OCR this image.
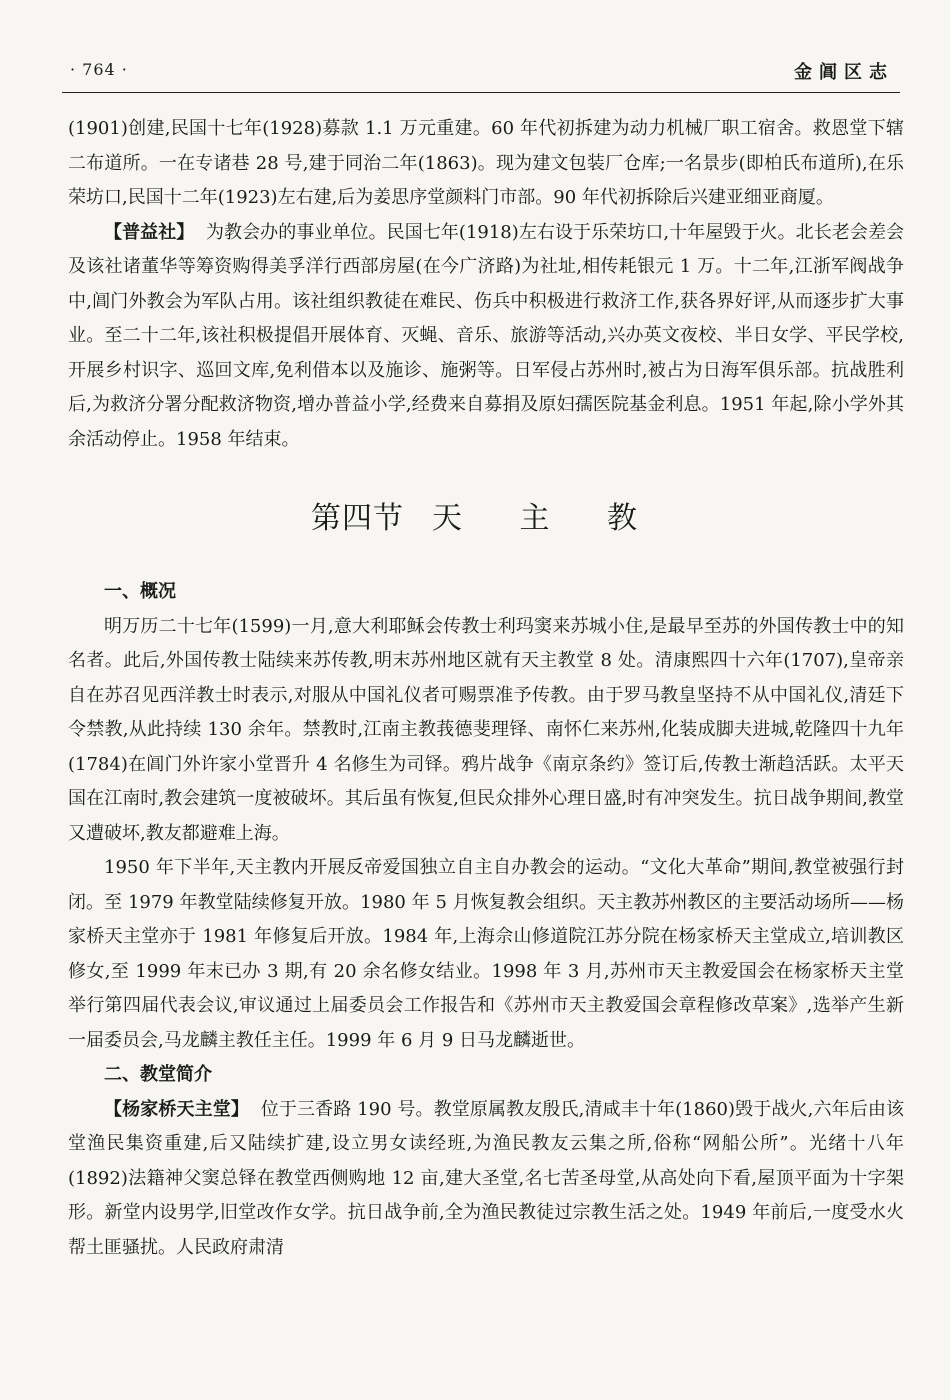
· 764 ·	金阊区志

(1901)创建,民国十七年(1928)募款 1.1 万元重建。60 年代初拆建为动力机械厂职工宿舍。救恩堂下辖二布道所。一在专诸巷 28 号,建于同治二年(1863)。现为建文包装厂仓库;一名景步(即柏氏布道所),在乐荣坊口,民国十二年(1923)左右建,后为姜思序堂颜料门市部。90 年代初拆除后兴建亚细亚商厦。

【普益社】 为教会办的事业单位。民国七年(1918)左右设于乐荣坊口,十年屋毁于火。北长老会差会及该社诸董华等筹资购得美孚洋行西部房屋(在今广济路)为社址,相传耗银元 1 万。十二年,江浙军阀战争中,阊门外教会为军队占用。该社组织教徒在难民、伤兵中积极进行救济工作,获各界好评,从而逐步扩大事业。至二十二年,该社积极提倡开展体育、灭蝇、音乐、旅游等活动,兴办英文夜校、半日女学、平民学校,开展乡村识字、巡回文库,免利借本以及施诊、施粥等。日军侵占苏州时,被占为日海军俱乐部。抗战胜利后,为救济分署分配救济物资,增办普益小学,经费来自募捐及原妇孺医院基金利息。1951 年起,除小学外其余活动停止。1958 年结束。

第四节 天 主 教
一、概况

明万历二十七年(1599)一月,意大利耶稣会传教士利玛窦来苏城小住,是最早至苏的外国传教士中的知名者。此后,外国传教士陆续来苏传教,明末苏州地区就有天主教堂 8 处。清康熙四十六年(1707),皇帝亲自在苏召见西洋教士时表示,对服从中国礼仪者可赐票准予传教。由于罗马教皇坚持不从中国礼仪,清廷下令禁教,从此持续 130 余年。禁教时,江南主教莪德斐理铎、南怀仁来苏州,化装成脚夫进城,乾隆四十九年(1784)在阊门外许家小堂晋升 4 名修生为司铎。鸦片战争《南京条约》签订后,传教士渐趋活跃。太平天国在江南时,教会建筑一度被破坏。其后虽有恢复,但民众排外心理日盛,时有冲突发生。抗日战争期间,教堂又遭破坏,教友都避难上海。

1950 年下半年,天主教内开展反帝爱国独立自主自办教会的运动。“文化大革命”期间,教堂被强行封闭。至 1979 年教堂陆续修复开放。1980 年 5 月恢复教会组织。天主教苏州教区的主要活动场所——杨家桥天主堂亦于 1981 年修复后开放。1984 年,上海佘山修道院江苏分院在杨家桥天主堂成立,培训教区修女,至 1999 年末已办 3 期,有 20 余名修女结业。1998 年 3 月,苏州市天主教爱国会在杨家桥天主堂举行第四届代表会议,审议通过上届委员会工作报告和《苏州市天主教爱国会章程修改草案》,选举产生新一届委员会,马龙麟主教任主任。1999 年 6 月 9 日马龙麟逝世。

二、教堂简介

【杨家桥天主堂】 位于三香路 190 号。教堂原属教友殷氏,清咸丰十年(1860)毁于战火,六年后由该堂渔民集资重建,后又陆续扩建,设立男女读经班,为渔民教友云集之所,俗称“网船公所”。光绪十八年(1892)法籍神父窦总铎在教堂西侧购地 12 亩,建大圣堂,名七苦圣母堂,从高处向下看,屋顶平面为十字架形。新堂内设男学,旧堂改作女学。抗日战争前,全为渔民教徒过宗教生活之处。1949 年前后,一度受水火帮土匪骚扰。人民政府肃清
